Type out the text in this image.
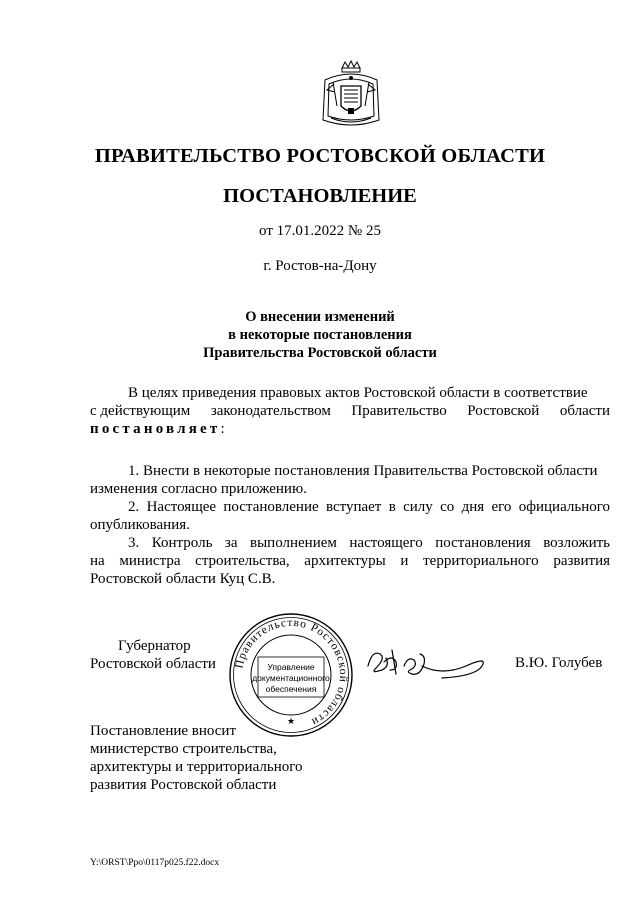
ПРАВИТЕЛЬСТВО РОСТОВСКОЙ ОБЛАСТИ
ПОСТАНОВЛЕНИЕ
от 17.01.2022 № 25
г. Ростов-на-Дону
О внесении изменений
в некоторые постановления
Правительства Ростовской области
В целях приведения правовых актов Ростовской области в соответствие
с действующим законодательством Правительство Ростовской области
постановляет:
1. Внести в некоторые постановления Правительства Ростовской области
изменения согласно приложению.
2. Настоящее постановление вступает в силу со дня его официального
опубликования.
3. Контроль за выполнением настоящего постановления возложить
на министра строительства, архитектуры и территориального развития
Ростовской области Куц С.В.
Губернатор
Ростовской области Правительство Ростовской области
Управление
документационного
обеспечения
★
В.Ю. Голубев
Постановление вносит
министерство строительства,
архитектуры и территориального
развития Ростовской области
Y:\ORST\Ppo\0117p025.f22.docx
